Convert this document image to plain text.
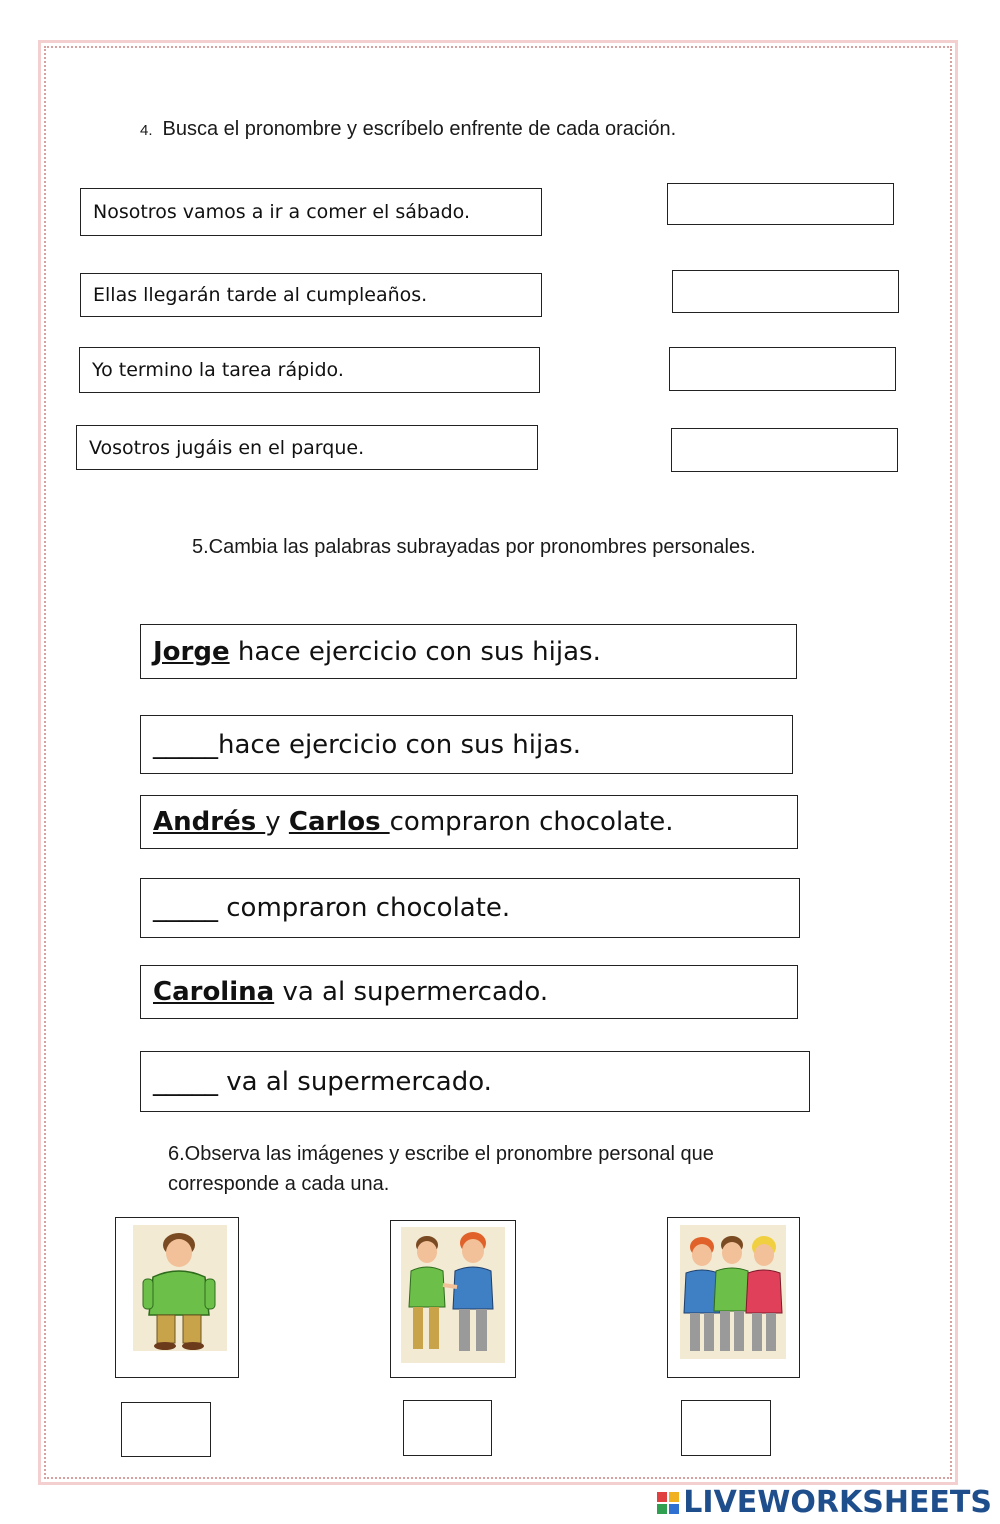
4. Busca el pronombre y escríbelo enfrente de cada oración.
Nosotros vamos a ir a comer el sábado.
Ellas llegarán tarde al cumpleaños.
Yo termino la tarea rápido.
Vosotros jugáis en el parque.
5.Cambia las palabras subrayadas por pronombres personales.
Jorge hace ejercicio con sus hijas.
_____hace ejercicio con sus hijas.
Andrés y Carlos compraron chocolate.
_____ compraron chocolate.
Carolina va al supermercado.
_____ va al supermercado.
6.Observa las imágenes y escribe el pronombre personal que
corresponde a cada una.
LIVEWORKSHEETS
